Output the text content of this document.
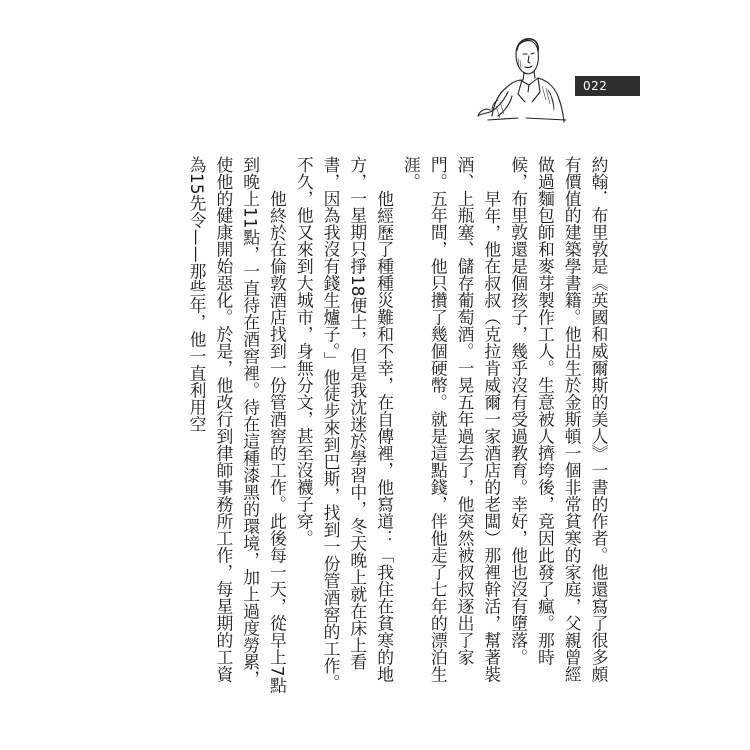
022

約翰．布里敦是《英國和威爾斯的美人》一書的作者。他還寫了很多頗有價值的建築學書籍。他出生於金斯頓一個非常貧寒的家庭，父親曾經做過麵包師和麥芽製作工人。生意被人擠垮後，竟因此發了瘋。那時候，布里敦還是個孩子，幾乎沒有受過教育。幸好，他也沒有墮落。

早年，他在叔叔（克拉肯威爾一家酒店的老闆）那裡幹活，幫著裝酒、上瓶塞、儲存葡萄酒。一晃五年過去了，他突然被叔叔逐出了家門。五年間，他只攢了幾個硬幣。就是這點錢，伴他走了七年的漂泊生涯。

他經歷了種種災難和不幸，在自傳裡，他寫道：「我住在貧寒的地方，一星期只掙18便士，但是我沈迷於學習中，冬天晚上就在床上看書，因為我沒有錢生爐子。」他徒步來到巴斯，找到一份管酒窖的工作。不久，他又來到大城市，身無分文，甚至沒襪子穿。

他終於在倫敦酒店找到一份管酒窖的工作。此後每一天，從早上7點到晚上11點，一直待在酒窖裡。待在這種漆黑的環境，加上過度勞累，使他的健康開始惡化。於是，他改行到律師事務所工作，每星期的工資為15先令——那些年，他一直利用空
